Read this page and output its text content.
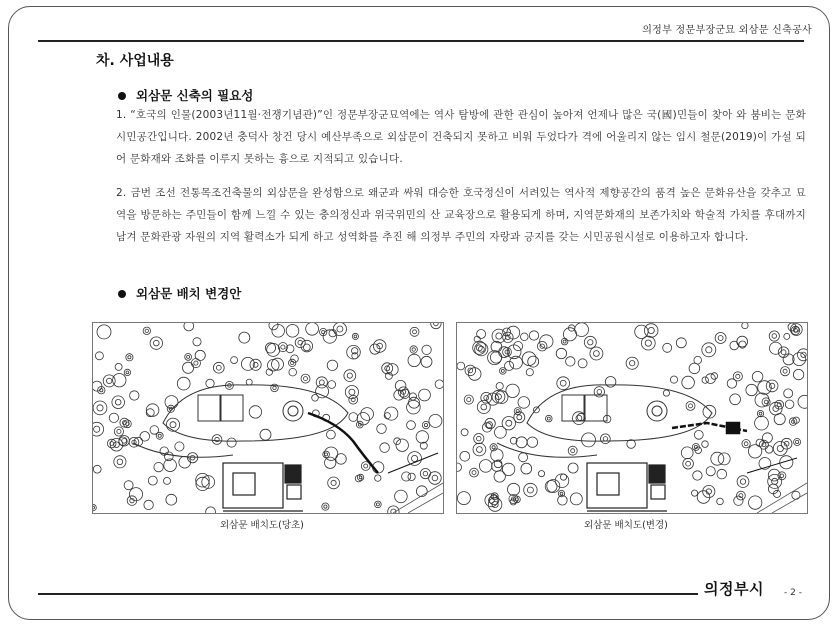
의정부 정문부장군묘 외삼문 신축공사
차. 사업내용
외삼문 신축의 필요성
1. “호국의 인물(2003년11월·전쟁기념관)”인 정문부장군묘역에는 역사 탐방에 관한 관심이 높아져 언제나 많은 국(國)민들이 찾아 와 붐비는 문화시민공간입니다. 2002년 충덕사 창건 당시 예산부족으로 외삼문이 건축되지 못하고 비워 두었다가 격에 어울리지 않는 임시 철문(2019)이 가설 되어 문화재와 조화를 이루지 못하는 흉으로 지적되고 있습니다.
2. 금번 조선 전통목조건축물의 외삼문을 완성함으로 왜군과 싸워 대승한 호국정신이 서려있는 역사적 제향공간의 품격 높은 문화유산을 갖추고 묘역을 방문하는 주민들이 함께 느낄 수 있는 충의정신과 위국위민의 산 교육장으로 활용되게 하며, 지역문화재의 보존가치와 학술적 가치를 후대까지 남겨 문화관광 자원의 지역 활력소가 되게 하고 성역화를 추진 해 의정부 주민의 자랑과 긍지를 갖는 시민공원시설로 이용하고자 합니다.
외삼문 배치 변경안
외삼문 배치도(당초)	외삼문 배치도(변경)
의정부시 - 2 -
